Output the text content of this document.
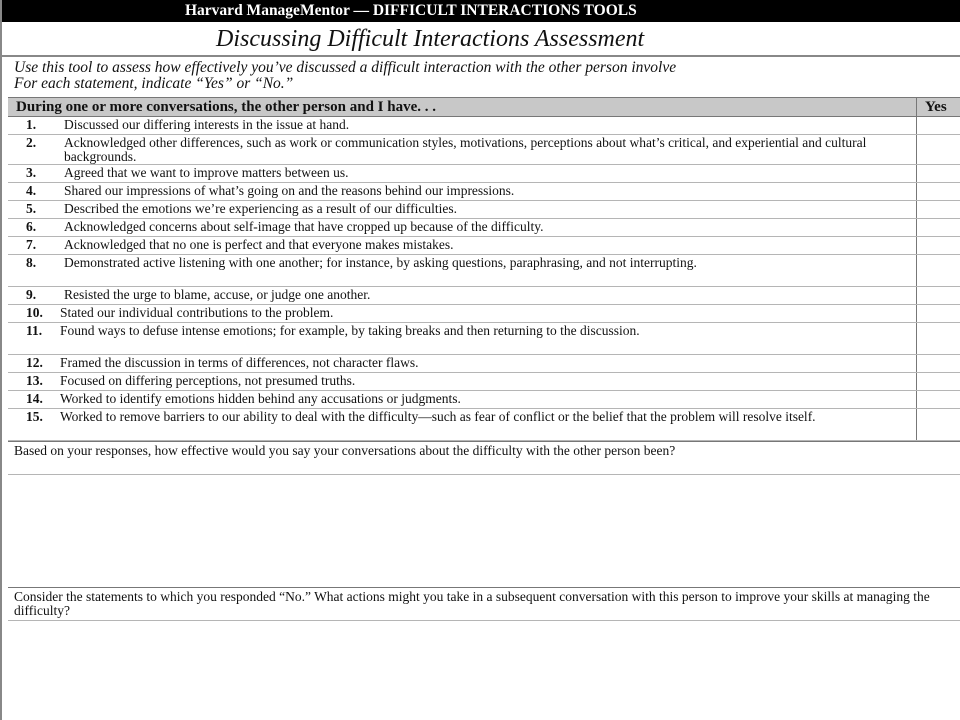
Harvard ManageMentor — DIFFICULT INTERACTIONS TOOLS
Discussing Difficult Interactions Assessment
Use this tool to assess how effectively you’ve discussed a difficult interaction with the other person involve
For each statement, indicate “Yes” or “No.”
During one or more conversations, the other person and I have. . .	Yes
1. Discussed our differing interests in the issue at hand.
2. Acknowledged other differences, such as work or communication styles, motivations, perceptions about what’s critical, and experiential and cultural backgrounds.
3. Agreed that we want to improve matters between us.
4. Shared our impressions of what’s going on and the reasons behind our impressions.
5. Described the emotions we’re experiencing as a result of our difficulties.
6. Acknowledged concerns about self-image that have cropped up because of the difficulty.
7. Acknowledged that no one is perfect and that everyone makes mistakes.
8. Demonstrated active listening with one another; for instance, by asking questions, paraphrasing, and not interrupting.
9. Resisted the urge to blame, accuse, or judge one another.
10. Stated our individual contributions to the problem.
11. Found ways to defuse intense emotions; for example, by taking breaks and then returning to the discussion.
12. Framed the discussion in terms of differences, not character flaws.
13. Focused on differing perceptions, not presumed truths.
14. Worked to identify emotions hidden behind any accusations or judgments.
15. Worked to remove barriers to our ability to deal with the difficulty—such as fear of conflict or the belief that the problem will resolve itself.
Based on your responses, how effective would you say your conversations about the difficulty with the other person been?
Consider the statements to which you responded “No.” What actions might you take in a subsequent conversation with this person to improve your skills at managing the difficulty?
